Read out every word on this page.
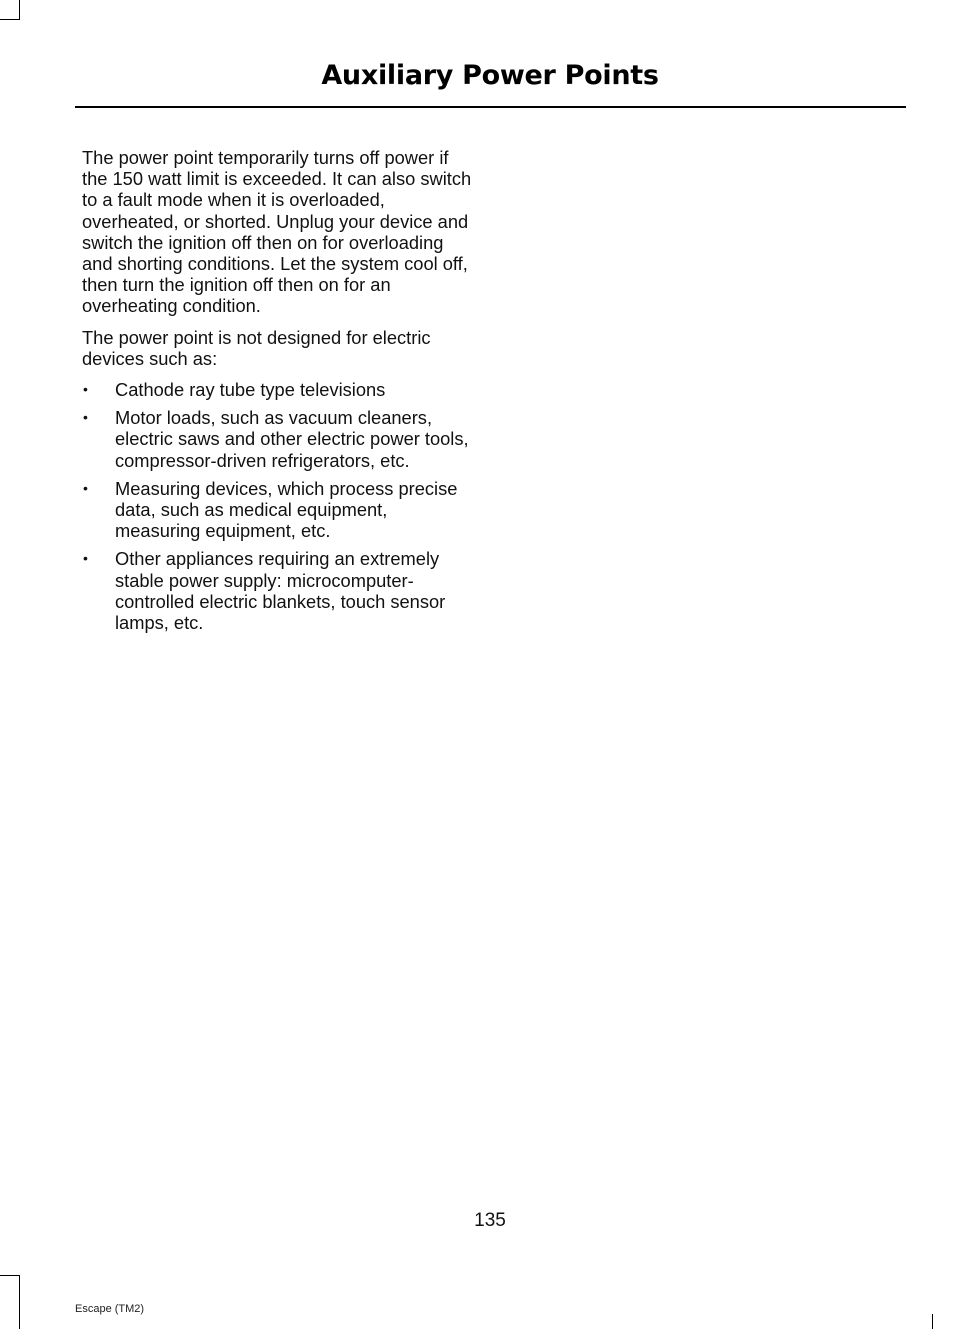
Auxiliary Power Points

The power point temporarily turns off power if the 150 watt limit is exceeded. It can also switch to a fault mode when it is overloaded, overheated, or shorted. Unplug your device and switch the ignition off then on for overloading and shorting conditions. Let the system cool off, then turn the ignition off then on for an overheating condition.

The power point is not designed for electric devices such as:

• Cathode ray tube type televisions
• Motor loads, such as vacuum cleaners, electric saws and other electric power tools, compressor-driven refrigerators, etc.
• Measuring devices, which process precise data, such as medical equipment, measuring equipment, etc.
• Other appliances requiring an extremely stable power supply: microcomputer-controlled electric blankets, touch sensor lamps, etc.
135
Escape (TM2)
